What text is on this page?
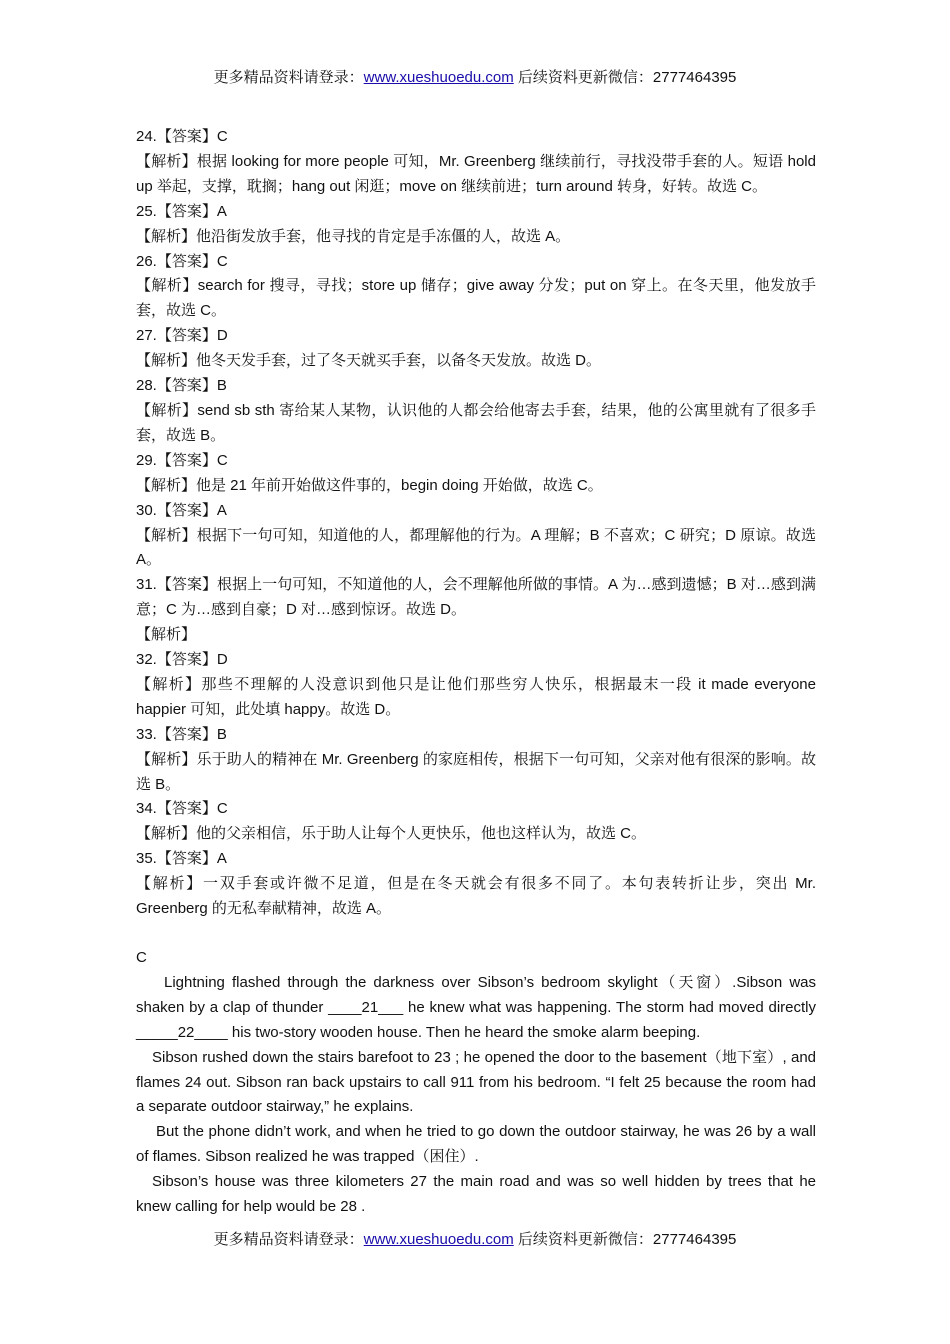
更多精品资料请登录：www.xueshuoedu.com 后续资料更新微信：2777464395

24.【答案】C

【解析】根据 looking for more people 可知，Mr. Greenberg 继续前行，寻找没带手套的人。短语 hold up 举起，支撑，耽搁；hang out 闲逛；move on 继续前进；turn around 转身，好转。故选 C。

25.【答案】A

【解析】他沿街发放手套，他寻找的肯定是手冻僵的人，故选 A。

26.【答案】C

【解析】search for 搜寻，寻找；store up 储存；give away 分发；put on 穿上。在冬天里，他发放手套，故选 C。

27.【答案】D

【解析】他冬天发手套，过了冬天就买手套，以备冬天发放。故选 D。

28.【答案】B

【解析】send sb sth 寄给某人某物，认识他的人都会给他寄去手套，结果，他的公寓里就有了很多手套，故选 B。

29.【答案】C

【解析】他是 21 年前开始做这件事的，begin doing 开始做，故选 C。

30.【答案】A

【解析】根据下一句可知，知道他的人，都理解他的行为。A 理解；B 不喜欢；C 研究；D 原谅。故选 A。

31.【答案】根据上一句可知，不知道他的人，会不理解他所做的事情。A 为…感到遗憾；B 对…感到满意；C 为…感到自豪；D 对…感到惊讶。故选 D。

【解析】

32.【答案】D

【解析】那些不理解的人没意识到他只是让他们那些穷人快乐，根据最末一段 it made everyone happier 可知，此处填 happy。故选 D。

33.【答案】B

【解析】乐于助人的精神在 Mr. Greenberg 的家庭相传，根据下一句可知，父亲对他有很深的影响。故选 B。

34.【答案】C

【解析】他的父亲相信，乐于助人让每个人更快乐，他也这样认为，故选 C。

35.【答案】A

【解析】一双手套或许微不足道，但是在冬天就会有很多不同了。本句表转折让步，突出 Mr. Greenberg 的无私奉献精神，故选 A。

C

Lightning flashed through the darkness over Sibson’s bedroom skylight（天窗）.Sibson was shaken by a clap of thunder ____21___ he knew what was happening. The storm had moved directly _____22____ his two-story wooden house. Then he heard the smoke alarm beeping.

Sibson rushed down the stairs barefoot to 23 ; he opened the door to the basement（地下室）, and flames 24 out. Sibson ran back upstairs to call 911 from his bedroom. “I felt 25 because the room had a separate outdoor stairway,” he explains.

But the phone didn’t work, and when he tried to go down the outdoor stairway, he was 26 by a wall of flames. Sibson realized he was trapped（困住）.

Sibson’s house was three kilometers 27 the main road and was so well hidden by trees that he knew calling for help would be 28 .

更多精品资料请登录：www.xueshuoedu.com 后续资料更新微信：2777464395
